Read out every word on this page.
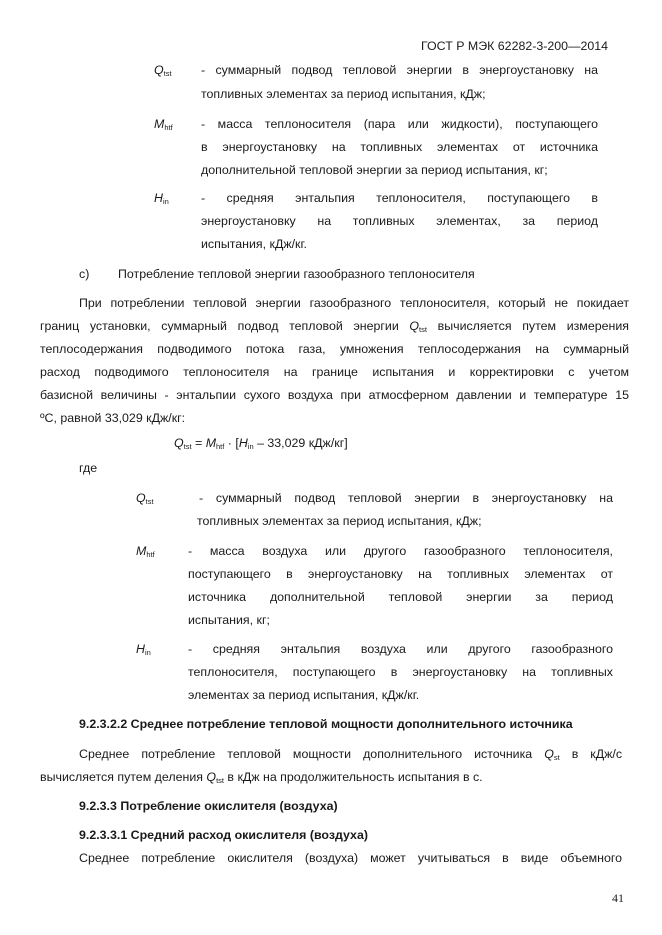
ГОСТ Р МЭК 62282-3-200—2014
$Q_{tst}$ - суммарный подвод тепловой энергии в энергоустановку на
топливных элементах за период испытания, кДж;
$M_{htf}$ - масса теплоносителя (пара или жидкости), поступающего
в энергоустановку на топливных элементах от источника
дополнительной тепловой энергии за период испытания, кг;
$H_{in}$	- средняя энтальпия теплоносителя, поступающего в
энергоустановку на топливных элементах, за период
испытания, кДж/кг.
c) Потребление тепловой энергии газообразного теплоносителя
При потреблении тепловой энергии газообразного теплоносителя, который не покидает
границ установки, суммарный подвод тепловой энергии $Q_{tst}$ вычисляется путем измерения
теплосодержания подводимого потока газа, умножения теплосодержания на суммарный
расход подводимого теплоносителя на границе испытания и корректировки с учетом
базисной величины - энтальпии сухого воздуха при атмосферном давлении и температуре 15
ºC, равной 33,029 кДж/кг:
$Q_{tst} = M_{htf} \cdot [H_{in} - 33,029$ кДж/кг]
где
$Q_{tst}$	- суммарный подвод тепловой энергии в энергоустановку на
топливных элементах за период испытания, кДж;
$M_{htf}$	- масса воздуха или другого газообразного теплоносителя,
поступающего в энергоустановку на топливных элементах от
источника дополнительной тепловой энергии за период
испытания, кг;
$H_{in}$	- средняя энтальпия воздуха или другого газообразного
теплоносителя, поступающего в энергоустановку на топливных
элементах за период испытания, кДж/кг.
9.2.3.2.2 Среднее потребление тепловой мощности дополнительного источника
Среднее потребление тепловой мощности дополнительного источника $Q_{st}$ в кДж/с
вычисляется путем деления $Q_{tst}$ в кДж на продолжительность испытания в с.
9.2.3.3 Потребление окислителя (воздуха)
9.2.3.3.1 Средний расход окислителя (воздуха)
Среднее потребление окислителя (воздуха) может учитываться в виде объемного
41
